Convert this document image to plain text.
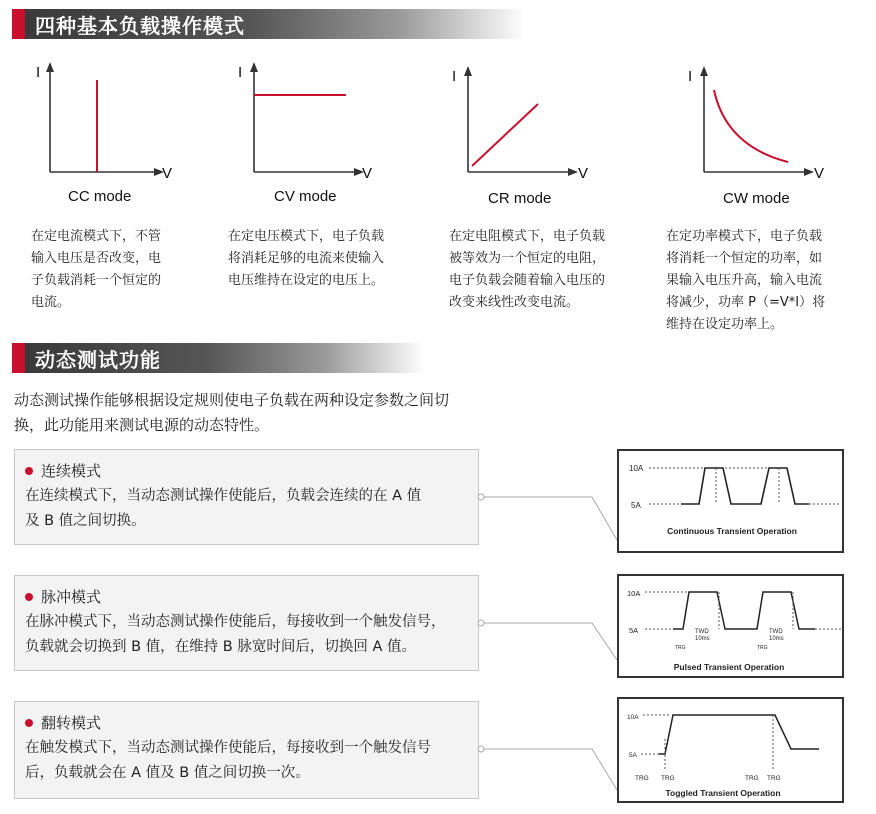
四种基本负载操作模式
I
V
CC mode
在定电流模式下，不管
输入电压是否改变，电
子负载消耗一个恒定的
电流。
I
V
CV mode
在定电压模式下，电子负载
将消耗足够的电流来使输入
电压维持在设定的电压上。
I
V
CR mode
在定电阻模式下，电子负载
被等效为一个恒定的电阻，
电子负载会随着输入电压的
改变来线性改变电流。
I
V
CW mode
在定功率模式下，电子负载
将消耗一个恒定的功率，如
果输入电压升高，输入电流
将减少，功率 P（=V*I）将
维持在设定功率上。
动态测试功能
动态测试操作能够根据设定规则使电子负载在两种设定参数之间切
换，此功能用来测试电源的动态特性。
连续模式
在连续模式下，当动态测试操作使能后，负载会连续的在 A 值
及 B 值之间切换。
脉冲模式
在脉冲模式下，当动态测试操作使能后，每接收到一个触发信号，
负载就会切换到 B 值，在维持 B 脉宽时间后，切换回 A 值。
翻转模式
在触发模式下，当动态测试操作使能后，每接收到一个触发信号
后，负载就会在 A 值及 B 值之间切换一次。
10A
5A
Continuous Transient Operation
10A
5A	TWD
10ms
TWD
10ms
TRG	TRG
Pulsed Transient Operation
10A
5A
TRG TRG	TRG TRG
Toggled Transient Operation
